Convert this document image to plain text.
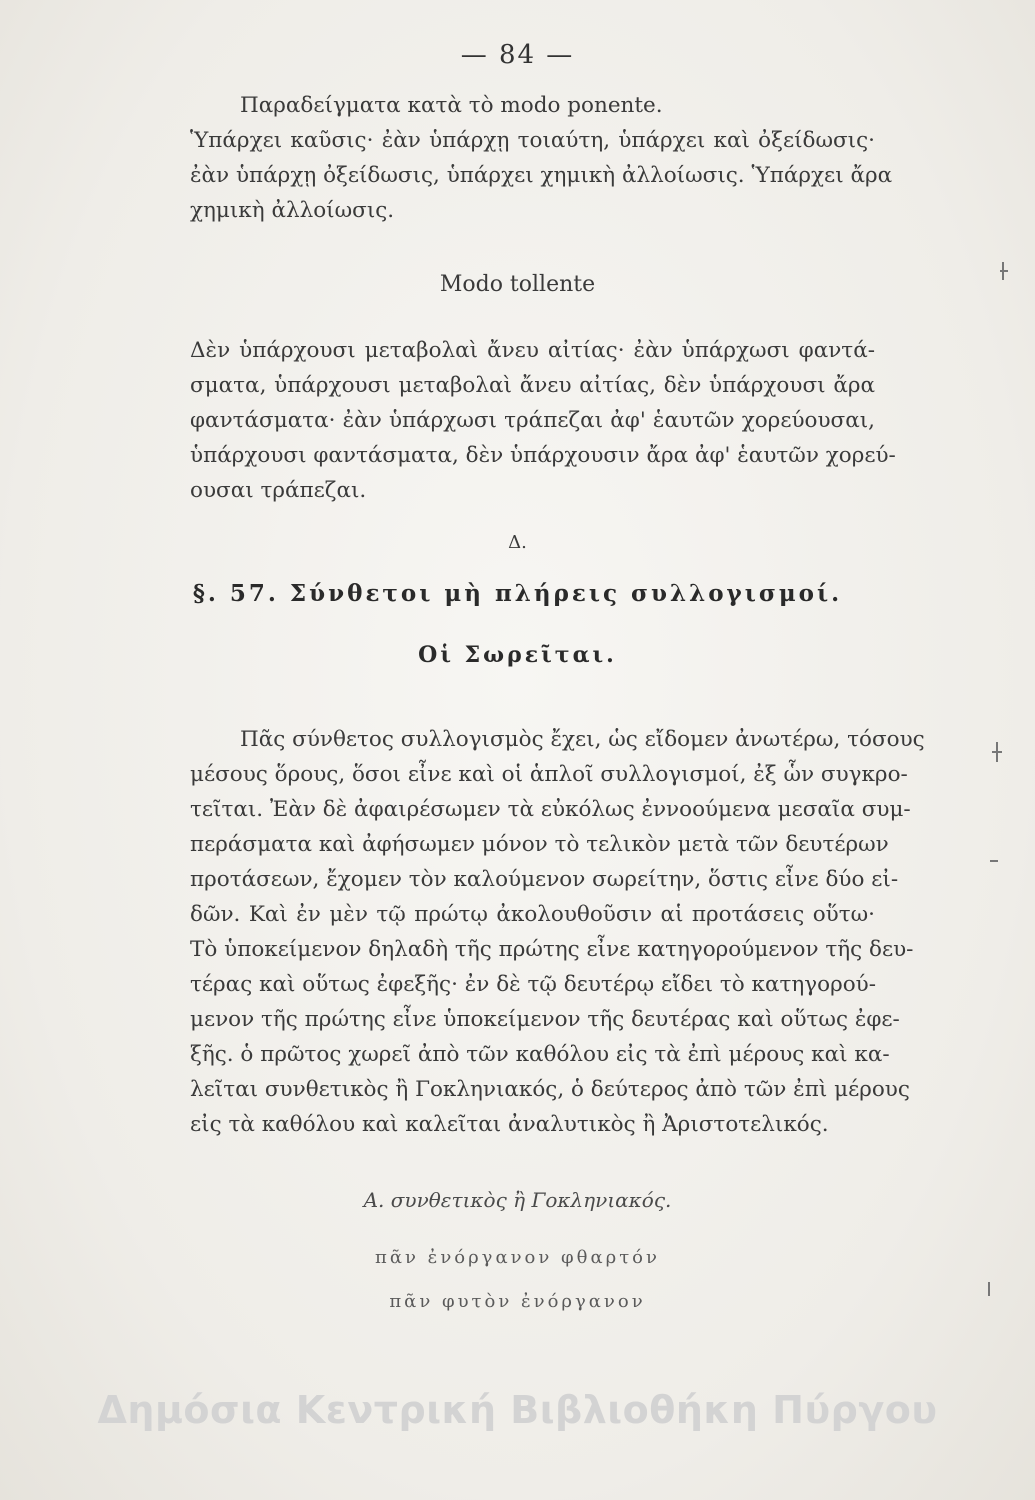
— 84 —
Παραδείγματα κατὰ τὸ modo ponente.
Ὑπάρχει καῦσις· ἐὰν ὑπάρχῃ τοιαύτη, ὑπάρχει καὶ ὀξείδωσις·
ἐὰν ὑπάρχῃ ὀξείδωσις, ὑπάρχει χημικὴ ἀλλοίωσις. Ὑπάρχει ἄρα
χημικὴ ἀλλοίωσις.
Modo tollente
Δὲν ὑπάρχουσι μεταβολαὶ ἄνευ αἰτίας· ἐὰν ὑπάρχωσι φαντά-
σματα, ὑπάρχουσι μεταβολαὶ ἄνευ αἰτίας, δὲν ὑπάρχουσι ἄρα
φαντάσματα· ἐὰν ὑπάρχωσι τράπεζαι ἀφ' ἑαυτῶν χορεύουσαι,
ὑπάρχουσι φαντάσματα, δὲν ὑπάρχουσιν ἄρα ἀφ' ἑαυτῶν χορεύ-
ουσαι τράπεζαι.
Δ.
§. 57. Σύνθετοι μὴ πλήρεις συλλογισμοί.
Οἱ Σωρεῖται.
Πᾶς σύνθετος συλλογισμὸς ἔχει, ὡς εἴδομεν ἀνωτέρω, τόσους
μέσους ὅρους, ὅσοι εἶνε καὶ οἱ ἁπλοῖ συλλογισμοί, ἐξ ὧν συγκρο-
τεῖται. Ἐὰν δὲ ἀφαιρέσωμεν τὰ εὐκόλως ἐννοούμενα μεσαῖα συμ-
περάσματα καὶ ἀφήσωμεν μόνον τὸ τελικὸν μετὰ τῶν δευτέρων
προτάσεων, ἔχομεν τὸν καλούμενον σωρείτην, ὅστις εἶνε δύο εἰ-
δῶν. Καὶ ἐν μὲν τῷ πρώτῳ ἀκολουθοῦσιν αἱ προτάσεις οὕτω·
Τὸ ὑποκείμενον δηλαδὴ τῆς πρώτης εἶνε κατηγορούμενον τῆς δευ-
τέρας καὶ οὕτως ἐφεξῆς· ἐν δὲ τῷ δευτέρῳ εἴδει τὸ κατηγορού-
μενον τῆς πρώτης εἶνε ὑποκείμενον τῆς δευτέρας καὶ οὕτως ἐφε-
ξῆς. ὁ πρῶτος χωρεῖ ἀπὸ τῶν καθόλου εἰς τὰ ἐπὶ μέρους καὶ κα-
λεῖται συνθετικὸς ἢ Γοκληνιακός, ὁ δεύτερος ἀπὸ τῶν ἐπὶ μέρους
εἰς τὰ καθόλου καὶ καλεῖται ἀναλυτικὸς ἢ Ἀριστοτελικός.
Α. συνθετικὸς ἢ Γοκληνιακός.
πᾶν ἐνόργανον φθαρτόν
πᾶν φυτὸν ἐνόργανον
Δημόσια Κεντρική Βιβλιοθήκη Πύργου
